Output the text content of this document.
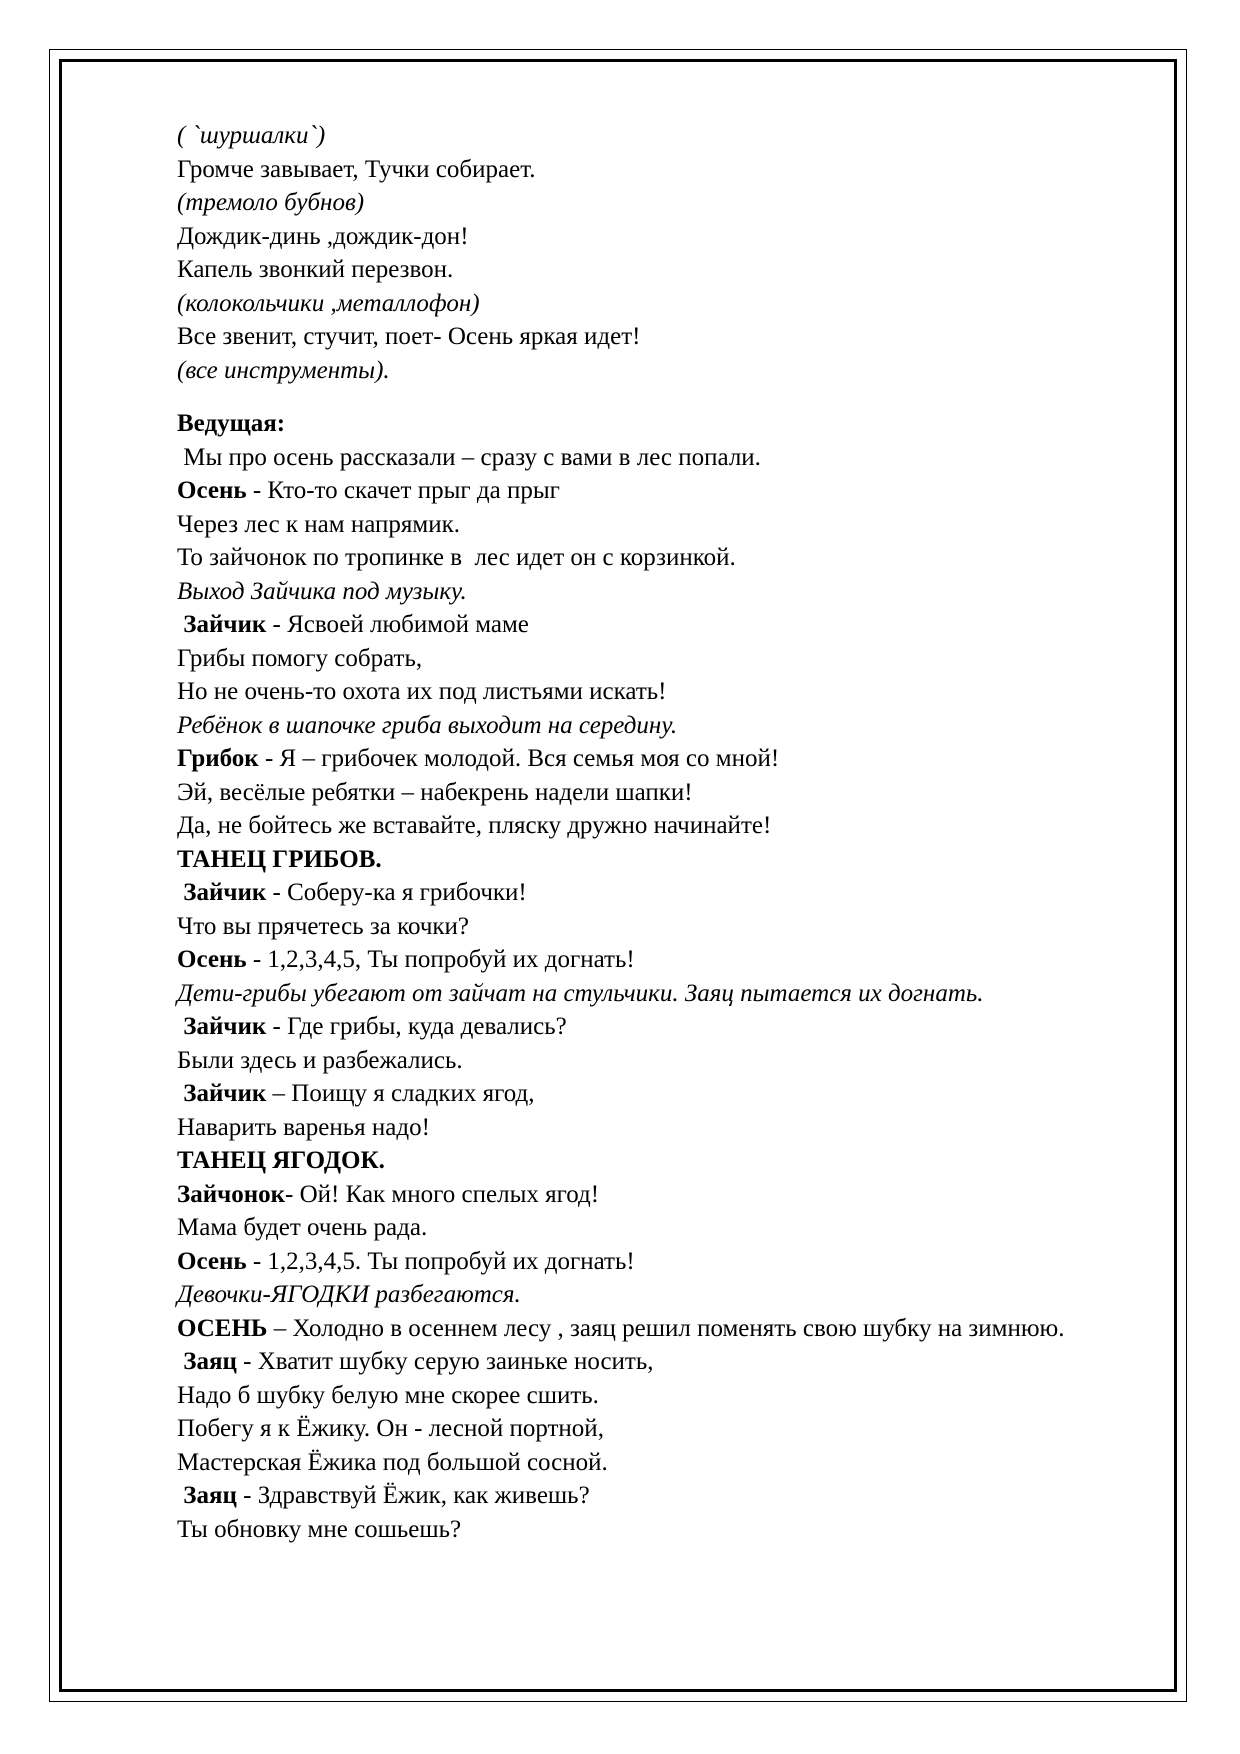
( `шуршалки`)
Громче завывает, Тучки собирает.
(тремоло бубнов)
Дождик-динь ,дождик-дон!
Капель звонкий перезвон.
(колокольчики ,металлофон)
Все звенит, стучит, поет- Осень яркая идет!
(все инструменты).
Ведущая:
Мы про осень рассказали – сразу с вами в лес попали.
Осень - Кто-то скачет прыг да прыг
Через лес к нам напрямик.
То зайчонок по тропинке в  лес идет он с корзинкой.
Выход Зайчика под музыку.
Зайчик - Ясвоей любимой маме
Грибы помогу собрать,
Но не очень-то охота их под листьями искать!
Ребёнок в шапочке гриба выходит на середину.
Грибок - Я – грибочек молодой. Вся семья моя со мной!
Эй, весёлые ребятки – набекрень надели шапки!
Да, не бойтесь же вставайте, пляску дружно начинайте!
ТАНЕЦ ГРИБОВ.
Зайчик - Соберу-ка я грибочки!
Что вы прячетесь за кочки?
Осень - 1,2,3,4,5, Ты попробуй их догнать!
Дети-грибы убегают от зайчат на стульчики. Заяц пытается их догнать.
Зайчик - Где грибы, куда девались?
Были здесь и разбежались.
Зайчик – Поищу я сладких ягод,
Наварить варенья надо!
ТАНЕЦ ЯГОДОК.
Зайчонок- Ой! Как много спелых ягод!
Мама будет очень рада.
Осень - 1,2,3,4,5. Ты попробуй их догнать!
Девочки-ЯГОДКИ разбегаются.
ОСЕНЬ – Холодно в осеннем лесу , заяц решил поменять свою шубку на зимнюю.
Заяц - Хватит шубку серую заиньке носить,
Надо б шубку белую мне скорее сшить.
Побегу я к Ёжику. Он - лесной портной,
Мастерская Ёжика под большой сосной.
Заяц - Здравствуй Ёжик, как живешь?
Ты обновку мне сошьешь?
